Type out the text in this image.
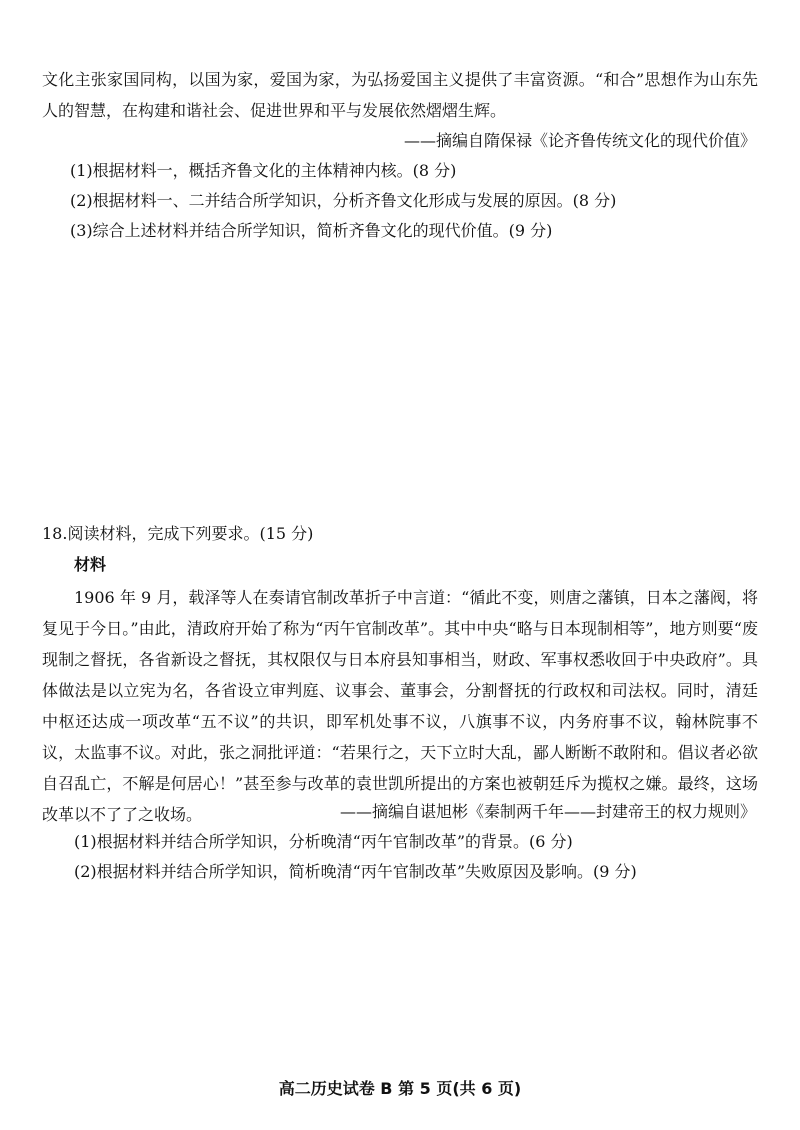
文化主张家国同构，以国为家，爱国为家，为弘扬爱国主义提供了丰富资源。“和合”思想作为山东先人的智慧，在构建和谐社会、促进世界和平与发展依然熠熠生辉。

——摘编自隋保禄《论齐鲁传统文化的现代价值》

(1)根据材料一，概括齐鲁文化的主体精神内核。(8 分)

(2)根据材料一、二并结合所学知识，分析齐鲁文化形成与发展的原因。(8 分)

(3)综合上述材料并结合所学知识，简析齐鲁文化的现代价值。(9 分)

18.阅读材料，完成下列要求。(15 分)

材料

1906 年 9 月，载泽等人在奏请官制改革折子中言道：“循此不变，则唐之藩镇，日本之藩阀，将复见于今日。”由此，清政府开始了称为“丙午官制改革”。其中中央“略与日本现制相等”，地方则要“废现制之督抚，各省新设之督抚，其权限仅与日本府县知事相当，财政、军事权悉收回于中央政府”。具体做法是以立宪为名，各省设立审判庭、议事会、董事会，分割督抚的行政权和司法权。同时，清廷中枢还达成一项改革“五不议”的共识，即军机处事不议，八旗事不议，内务府事不议，翰林院事不议，太监事不议。对此，张之洞批评道：“若果行之，天下立时大乱，鄙人断断不敢附和。倡议者必欲自召乱亡，不解是何居心！”甚至参与改革的袁世凯所提出的方案也被朝廷斥为揽权之嫌。最终，这场改革以不了了之收场。	——摘编自谌旭彬《秦制两千年——封建帝王的权力规则》

(1)根据材料并结合所学知识，分析晚清“丙午官制改革”的背景。(6 分)

(2)根据材料并结合所学知识，简析晚清“丙午官制改革”失败原因及影响。(9 分)

高二历史试卷 B 第 5 页(共 6 页)
